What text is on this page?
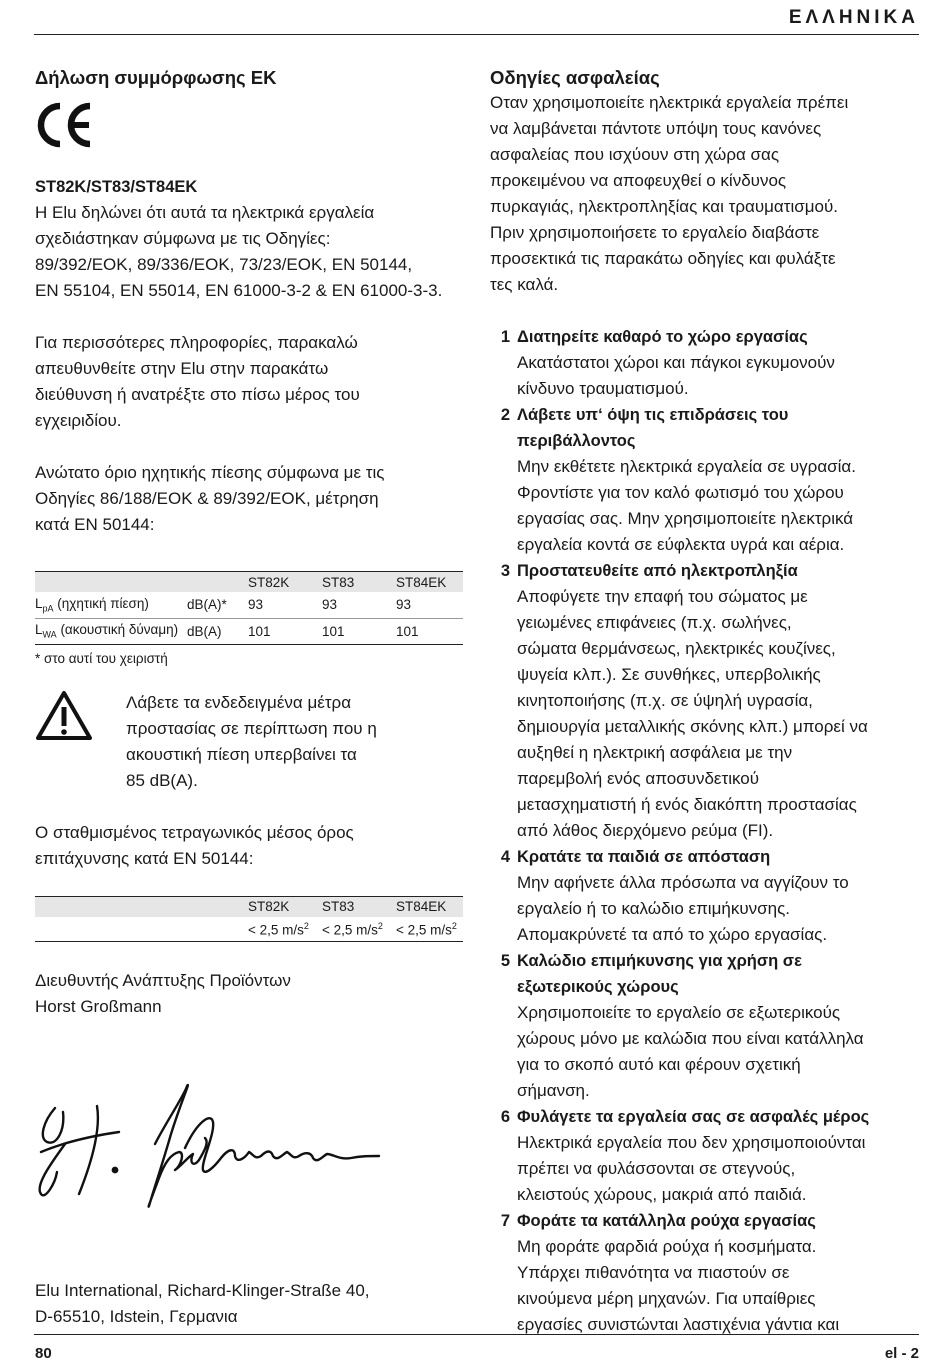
ΕΛΛΗΝΙΚΑ
Δήλωση συμμόρφωσης ΕΚ

ST82K/ST83/ST84EK

Η Elu δηλώνει ότι αυτά τα ηλεκτρικά εργαλεία

σχεδιάστηκαν σύμφωνα με τις Οδηγίες:

89/392/ΕΟΚ, 89/336/ΕΟΚ, 73/23/ΕΟΚ, EN 50144,

EN 55104, EN 55014, EN 61000-3-2 & EN 61000-3-3.

Για περισσότερες πληροφορίες, παρακαλώ

απευθυνθείτε στην Elu στην παρακάτω

διεύθυνση ή ανατρέξτε στο πίσω μέρος του

εγχειριδίου.

Ανώτατο όριο ηχητικής πίεσης σύμφωνα με τις

Οδηγίες 86/188/ΕΟΚ & 89/392/ΕΟΚ, μέτρηση

κατά EN 50144:

		ST82K	ST83	ST84EK
$L_{pA}$ (ηχητική πίεση)	dB(A)*	93	93	93
$L_{WA}$ (ακουστική δύναμη)	dB(A)	101	101	101

* στο αυτί του χειριστή

Λάβετε τα ενδεδειγμένα μέτρα

προστασίας σε περίπτωση που η

ακουστική πίεση υπερβαίνει τα

85 dB(A).

Ο σταθμισμένος τετραγωνικός μέσος όρος

επιτάχυνσης κατά EN 50144:

	ST82K	ST83	ST84EK
	< 2,5 $m/s^2$	< 2,5 $m/s^2$	< 2,5 $m/s^2$

Διευθυντής Ανάπτυξης Προϊόντων

Horst Großmann

Elu International, Richard-Klinger-Straße 40,

D-65510, Idstein, Γερμανια

Οδηγίες ασφαλείας

Οταν χρησιμοποιείτε ηλεκτρικά εργαλεία πρέπει

να λαμβάνεται πάντοτε υπόψη τους κανόνες

ασφαλείας που ισχύουν στη χώρα σας

προκειμένου να αποφευχθεί ο κίνδυνος

πυρκαγιάς, ηλεκτροπληξίας και τραυματισμού.

Πριν χρησιμοποιήσετε το εργαλείο διαβάστε

προσεκτικά τις παρακάτω οδηγίες και φυλάξτε

τες καλά.

1 Διατηρείτε καθαρό το χώρο εργασίας

Ακατάστατοι χώροι και πάγκοι εγκυμονούν

κίνδυνο τραυματισμού.

2 Λάβετε υπ‘ όψη τις επιδράσεις του

περιβάλλοντος

Μην εκθέτετε ηλεκτρικά εργαλεία σε υγρασία.

Φροντίστε για τον καλό φωτισμό του χώρου

εργασίας σας. Μην χρησιμοποιείτε ηλεκτρικά

εργαλεία κοντά σε εύφλεκτα υγρά και αέρια.

3 Προστατευθείτε από ηλεκτροπληξία

Αποφύγετε την επαφή του σώματος με

γειωμένες επιφάνειες (π.χ. σωλήνες,

σώματα θερμάνσεως, ηλεκτρικές κουζίνες,

ψυγεία κλπ.). Σε συνθήκες, υπερβολικής

κινητοποιήσης (π.χ. σε ύψηλή υγρασία,

δημιουργία μεταλλικής σκόνης κλπ.) μπορεί να

αυξηθεί η ηλεκτρική ασφάλεια με την

παρεμβολή ενός αποσυνδετικού

μετασχηματιστή ή ενός διακόπτη προστασίας

από λάθος διερχόμενο ρεύμα (FI).

4 Κρατάτε τα παιδιά σε απόσταση

Μην αφήνετε άλλα πρόσωπα να αγγίζουν το

εργαλείο ή το καλώδιο επιμήκυνσης.

Απομακρύνετέ τα από το χώρο εργασίας.

5 Καλώδιο επιμήκυνσης για χρήση σε

εξωτερικούς χώρους

Χρησιμοποιείτε το εργαλείο σε εξωτερικούς

χώρους μόνο με καλώδια που είναι κατάλληλα

για το σκοπό αυτό και φέρουν σχετική

σήμανση.

6 Φυλάγετε τα εργαλεία σας σε ασφαλές μέρος

Ηλεκτρικά εργαλεία που δεν χρησιμοποιούνται

πρέπει να φυλάσσονται σε στεγνούς,

κλειστούς χώρους, μακριά από παιδιά.

7 Φοράτε τα κατάλληλα ρούχα εργασίας

Μη φοράτε φαρδιά ρούχα ή κοσμήματα.

Υπάρχει πιθανότητα να πιαστούν σε

κινούμενα μέρη μηχανών. Για υπαίθριες

εργασίες συνιστώνται λαστιχένια γάντια και

80	el - 2
